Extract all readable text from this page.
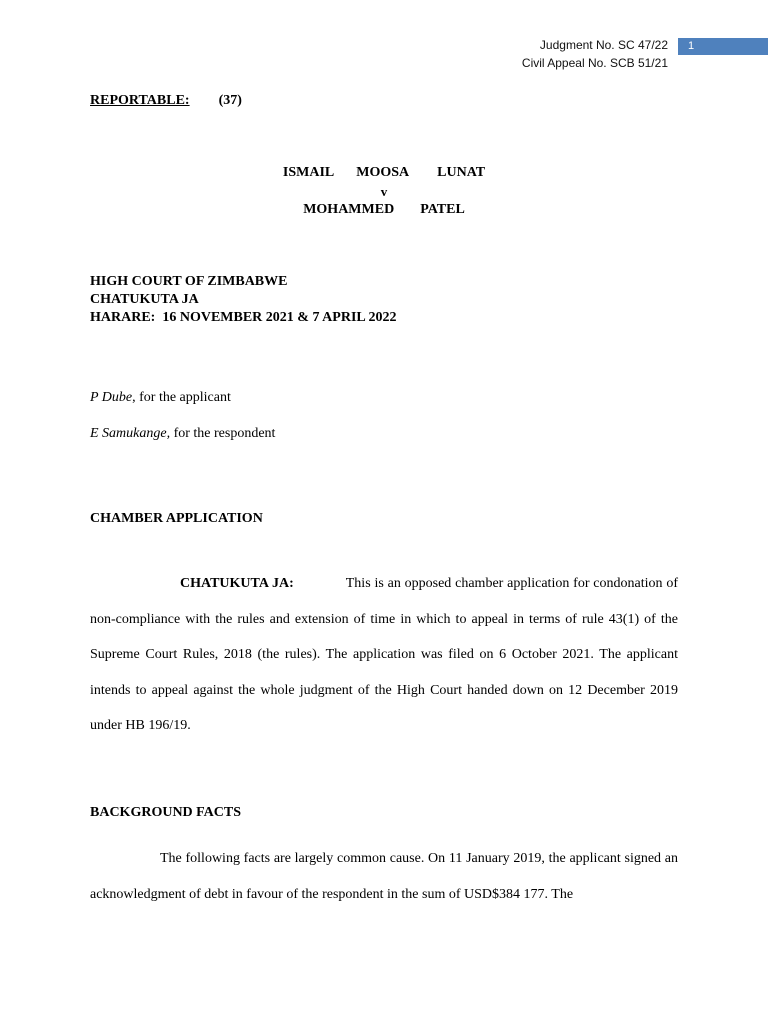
Judgment No. SC 47/22
Civil Appeal No. SCB 51/21
1
REPORTABLE: (37)
ISMAIL MOOSA LUNAT
v
MOHAMMED PATEL
HIGH COURT OF ZIMBABWE
CHATUKUTA JA
HARARE:  16 NOVEMBER 2021 & 7 APRIL 2022
P Dube, for the applicant
E Samukange, for the respondent
CHAMBER APPLICATION
CHATUKUTA JA:	This is an opposed chamber application for condonation of non-compliance with the rules and extension of time in which to appeal in terms of rule 43(1) of the Supreme Court Rules, 2018 (the rules). The application was filed on 6 October 2021. The applicant intends to appeal against the whole judgment of the High Court handed down on 12 December 2019 under HB 196/19.
BACKGROUND FACTS
The following facts are largely common cause. On 11 January 2019, the applicant signed an acknowledgment of debt in favour of the respondent in the sum of USD$384 177. The
